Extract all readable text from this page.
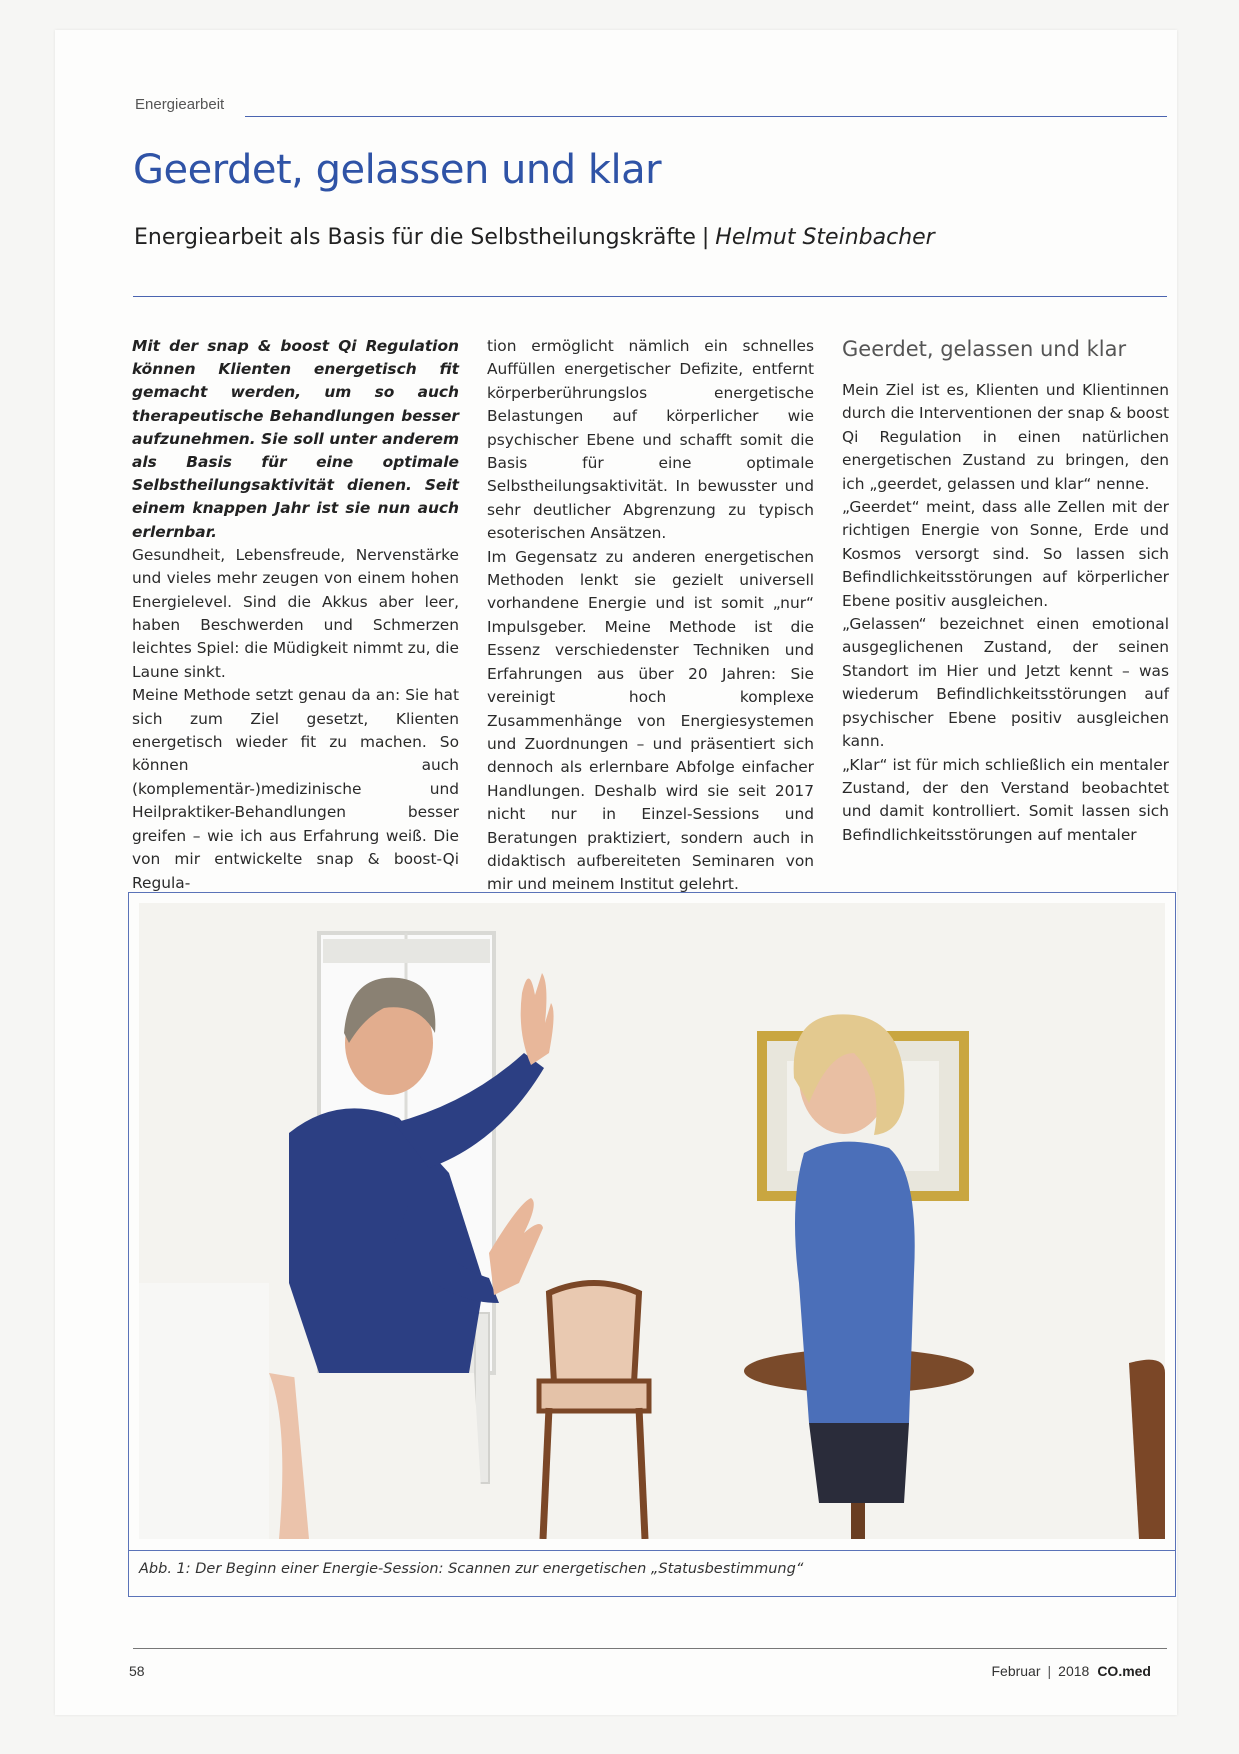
Energiearbeit
Geerdet, gelassen und klar
Energiearbeit als Basis für die Selbstheilungskräfte | Helmut Steinbacher

Mit der snap & boost Qi Regulation können Klienten energetisch fit gemacht werden, um so auch therapeutische Behandlungen besser aufzunehmen. Sie soll unter anderem als Basis für eine optimale Selbstheilungsaktivität dienen. Seit einem knappen Jahr ist sie nun auch erlernbar.

Gesundheit, Lebensfreude, Nervenstärke und vieles mehr zeugen von einem hohen Energielevel. Sind die Akkus aber leer, haben Beschwerden und Schmerzen leichtes Spiel: die Müdigkeit nimmt zu, die Laune sinkt.

Meine Methode setzt genau da an: Sie hat sich zum Ziel gesetzt, Klienten energetisch wieder fit zu machen. So können auch (komplementär-)medizinische und Heilpraktiker-Behandlungen besser greifen – wie ich aus Erfahrung weiß. Die von mir entwickelte snap & boost-Qi Regula-

tion ermöglicht nämlich ein schnelles Auffüllen energetischer Defizite, entfernt körperberührungslos energetische Belastungen auf körperlicher wie psychischer Ebene und schafft somit die Basis für eine optimale Selbstheilungsaktivität. In bewusster und sehr deutlicher Abgrenzung zu typisch esoterischen Ansätzen.

Im Gegensatz zu anderen energetischen Methoden lenkt sie gezielt universell vorhandene Energie und ist somit „nur“ Impulsgeber. Meine Methode ist die Essenz verschiedenster Techniken und Erfahrungen aus über 20 Jahren: Sie vereinigt hoch komplexe Zusammenhänge von Energiesystemen und Zuordnungen – und präsentiert sich dennoch als erlernbare Abfolge einfacher Handlungen. Deshalb wird sie seit 2017 nicht nur in Einzel-Sessions und Beratungen praktiziert, sondern auch in didaktisch aufbereiteten Seminaren von mir und meinem Institut gelehrt.

Geerdet, gelassen und klar

Mein Ziel ist es, Klienten und Klientinnen durch die Interventionen der snap & boost Qi Regulation in einen natürlichen energetischen Zustand zu bringen, den ich „geerdet, gelassen und klar“ nenne.

„Geerdet“ meint, dass alle Zellen mit der richtigen Energie von Sonne, Erde und Kosmos versorgt sind. So lassen sich Befindlichkeitsstörungen auf körperlicher Ebene positiv ausgleichen.

„Gelassen“ bezeichnet einen emotional ausgeglichenen Zustand, der seinen Standort im Hier und Jetzt kennt – was wiederum Befindlichkeitsstörungen auf psychischer Ebene positiv ausgleichen kann.

„Klar“ ist für mich schließlich ein mentaler Zustand, der den Verstand beobachtet und damit kontrolliert. Somit lassen sich Befindlichkeitsstörungen auf mentaler

Abb. 1: Der Beginn einer Energie-Session: Scannen zur energetischen „Statusbestimmung“
58	Februar | 2018 CO.med
